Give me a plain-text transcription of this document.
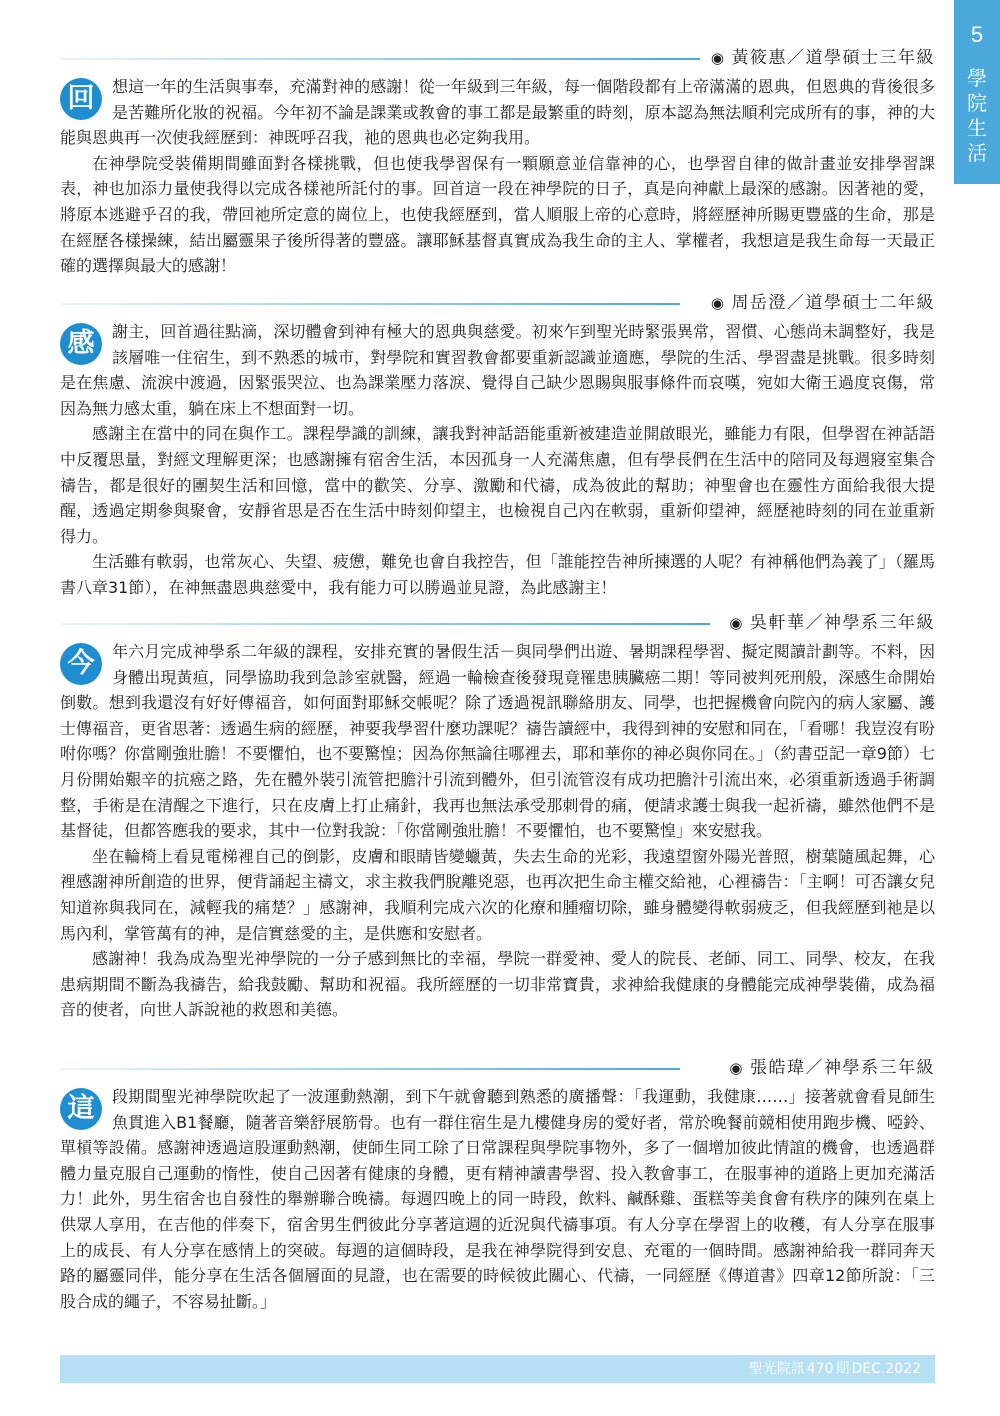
5
學院生活
◉ 黃筱惠／道學碩士三年級
回	想這一年的生活與事奉，充滿對神的感謝！從一年級到三年級，每一個階段都有上帝滿滿的恩典，但恩典的背後很多是苦難所化妝的祝福。今年初不論是課業或教會的事工都是最繁重的時刻，原本認為無法順利完成所有的事，神的大能與恩典再一次使我經歷到：神既呼召我，祂的恩典也必定夠我用。

在神學院受裝備期間雖面對各樣挑戰，但也使我學習保有一顆願意並信靠神的心，也學習自律的做計畫並安排學習課表，神也加添力量使我得以完成各樣祂所託付的事。回首這一段在神學院的日子，真是向神獻上最深的感謝。因著祂的愛，將原本逃避乎召的我，帶回祂所定意的崗位上，也使我經歷到，當人順服上帝的心意時，將經歷神所賜更豐盛的生命，那是在經歷各樣操練，結出屬靈果子後所得著的豐盛。讓耶穌基督真實成為我生命的主人、掌權者，我想這是我生命每一天最正確的選擇與最大的感謝！

◉ 周岳澄／道學碩士二年級
感	謝主，回首過往點滴，深切體會到神有極大的恩典與慈愛。初來乍到聖光時緊張異常，習慣、心態尚未調整好，我是該層唯一住宿生，到不熟悉的城市，對學院和實習教會都要重新認識並適應，學院的生活、學習盡是挑戰。很多時刻是在焦慮、流淚中渡過，因緊張哭泣、也為課業壓力落淚、覺得自己缺少恩賜與服事條件而哀嘆，宛如大衛王過度哀傷，常因為無力感太重，躺在床上不想面對一切。

感謝主在當中的同在與作工。課程學識的訓練，讓我對神話語能重新被建造並開啟眼光，雖能力有限，但學習在神話語中反覆思量，對經文理解更深；也感謝擁有宿舍生活，本因孤身一人充滿焦慮，但有學長們在生活中的陪同及每週寢室集合禱告，都是很好的團契生活和回憶，當中的歡笑、分享、激勵和代禱，成為彼此的幫助；神聖會也在靈性方面給我很大提醒，透過定期參與聚會，安靜省思是否在生活中時刻仰望主，也檢視自己內在軟弱，重新仰望神，經歷祂時刻的同在並重新得力。

生活雖有軟弱，也常灰心、失望、疲憊，難免也會自我控告，但「誰能控告神所揀選的人呢？有神稱他們為義了」（羅馬書八章31節），在神無盡恩典慈愛中，我有能力可以勝過並見證，為此感謝主！

◉ 吳軒華／神學系三年級
今	年六月完成神學系二年級的課程，安排充實的暑假生活－與同學們出遊、暑期課程學習、擬定閱讀計劃等。不料，因身體出現黃疸，同學協助我到急診室就醫，經過一輪檢查後發現竟罹患胰臟癌二期！等同被判死刑般，深感生命開始倒數。想到我還沒有好好傳福音，如何面對耶穌交帳呢？除了透過視訊聯絡朋友、同學，也把握機會向院內的病人家屬、護士傳福音，更省思著：透過生病的經歷，神要我學習什麼功課呢？禱告讀經中，我得到神的安慰和同在，「看哪！我豈沒有吩咐你嗎？你當剛強壯膽！不要懼怕，也不要驚惶；因為你無論往哪裡去，耶和華你的神必與你同在。」（約書亞記一章9節）七月份開始艱辛的抗癌之路，先在體外裝引流管把膽汁引流到體外，但引流管沒有成功把膽汁引流出來，必須重新透過手術調整，手術是在清醒之下進行，只在皮膚上打止痛針，我再也無法承受那刺骨的痛，便請求護士與我一起祈禱，雖然他們不是基督徒，但都答應我的要求，其中一位對我說：「你當剛強壯膽！不要懼怕，也不要驚惶」來安慰我。

坐在輪椅上看見電梯裡自己的倒影，皮膚和眼睛皆變蠟黃，失去生命的光彩，我遠望窗外陽光普照，樹葉隨風起舞，心裡感謝神所創造的世界，便背誦起主禱文，求主救我們脫離兇惡，也再次把生命主權交給祂，心裡禱告：「主啊！可否讓女兒知道祢與我同在，減輕我的痛楚？」感謝神，我順利完成六次的化療和腫瘤切除，雖身體變得軟弱疲乏，但我經歷到祂是以馬內利，掌管萬有的神，是信實慈愛的主，是供應和安慰者。

感謝神！我為成為聖光神學院的一分子感到無比的幸福，學院一群愛神、愛人的院長、老師、同工、同學、校友，在我患病期間不斷為我禱告，給我鼓勵、幫助和祝福。我所經歷的一切非常寶貴，求神給我健康的身體能完成神學裝備，成為福音的使者，向世人訴說祂的救恩和美德。

◉ 張皓瑋／神學系三年級
這	段期間聖光神學院吹起了一波運動熱潮，到下午就會聽到熟悉的廣播聲：「我運動，我健康……」接著就會看見師生魚貫進入B1餐廳，隨著音樂舒展筋骨。也有一群住宿生是九樓健身房的愛好者，常於晚餐前競相使用跑步機、啞鈴、單槓等設備。感謝神透過這股運動熱潮，使師生同工除了日常課程與學院事物外，多了一個增加彼此情誼的機會，也透過群體力量克服自己運動的惰性，使自己因著有健康的身體，更有精神讀書學習、投入教會事工，在服事神的道路上更加充滿活力！此外，男生宿舍也自發性的舉辦聯合晚禱。每週四晚上的同一時段，飲料、鹹酥雞、蛋糕等美食會有秩序的陳列在桌上供眾人享用，在吉他的伴奏下，宿舍男生們彼此分享著這週的近況與代禱事項。有人分享在學習上的收穫，有人分享在服事上的成長、有人分享在感情上的突破。每週的這個時段，是我在神學院得到安息、充電的一個時間。感謝神給我一群同奔天路的屬靈同伴，能分享在生活各個層面的見證，也在需要的時候彼此關心、代禱，一同經歷《傳道書》四章12節所說：「三股合成的繩子，不容易扯斷。」

聖光院訊 470 期 DEC.2022
